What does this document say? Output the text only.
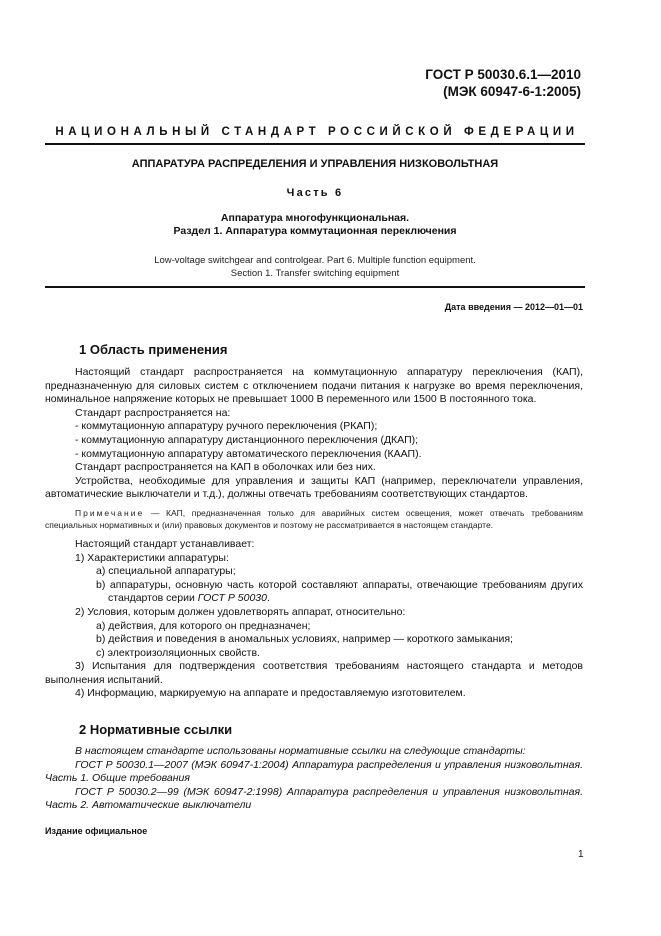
ГОСТ Р 50030.6.1—2010
(МЭК 60947-6-1:2005)
НАЦИОНАЛЬНЫЙ СТАНДАРТ РОССИЙСКОЙ ФЕДЕРАЦИИ
АППАРАТУРА РАСПРЕДЕЛЕНИЯ И УПРАВЛЕНИЯ НИЗКОВОЛЬТНАЯ
Часть 6
Аппаратура многофункциональная.
Раздел 1. Аппаратура коммутационная переключения
Low-voltage switchgear and controlgear. Part 6. Multiple function equipment.
Section 1. Transfer switching equipment
Дата введения — 2012—01—01
1 Область применения

Настоящий стандарт распространяется на коммутационную аппаратуру переключения (КАП), предназначенную для силовых систем с отключением подачи питания к нагрузке во время переключения, номинальное напряжение которых не превышает 1000 В переменного или 1500 В постоянного тока.

Стандарт распространяется на:

- коммутационную аппаратуру ручного переключения (РКАП);

- коммутационную аппаратуру дистанционного переключения (ДКАП);

- коммутационную аппаратуру автоматического переключения (КААП).

Стандарт распространяется на КАП в оболочках или без них.

Устройства, необходимые для управления и защиты КАП (например, переключатели управления, автоматические выключатели и т.д.), должны отвечать требованиям соответствующих стандартов.

Примечание — КАП, предназначенная только для аварийных систем освещения, может отвечать требованиям специальных нормативных и (или) правовых документов и поэтому не рассматривается в настоящем стандарте.

Настоящий стандарт устанавливает:

1) Характеристики аппаратуры:

a) специальной аппаратуры;

b) аппаратуры, основную часть которой составляют аппараты, отвечающие требованиям других стандартов серии ГОСТ Р 50030.

2) Условия, которым должен удовлетворять аппарат, относительно:

a) действия, для которого он предназначен;

b) действия и поведения в аномальных условиях, например — короткого замыкания;

c) электроизоляционных свойств.

3) Испытания для подтверждения соответствия требованиям настоящего стандарта и методов выполнения испытаний.

4) Информацию, маркируемую на аппарате и предоставляемую изготовителем.

2 Нормативные ссылки

В настоящем стандарте использованы нормативные ссылки на следующие стандарты:

ГОСТ Р 50030.1—2007 (МЭК 60947-1:2004) Аппаратура распределения и управления низковольтная. Часть 1. Общие требования

ГОСТ Р 50030.2—99 (МЭК 60947-2:1998) Аппаратура распределения и управления низковольтная. Часть 2. Автоматические выключатели

Издание официальное
1
